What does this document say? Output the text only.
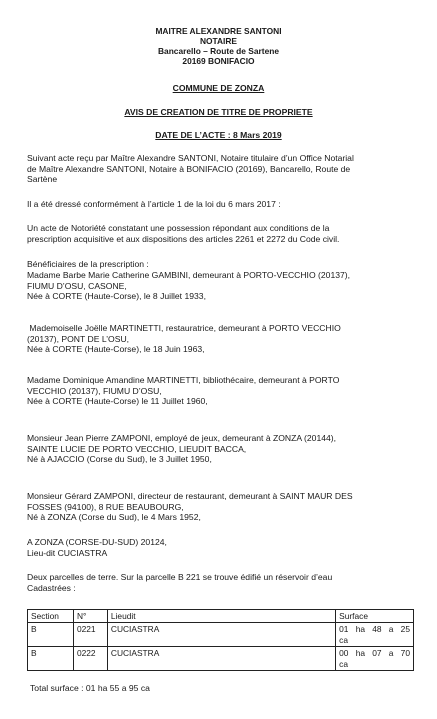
MAITRE ALEXANDRE SANTONI
NOTAIRE
Bancarello – Route de Sartene
20169 BONIFACIO
COMMUNE DE ZONZA
AVIS DE CREATION DE TITRE DE PROPRIETE
DATE DE L’ACTE : 8 Mars 2019
Suivant acte reçu par Maître Alexandre SANTONI, Notaire titulaire d’un Office Notarial
de Maître Alexandre SANTONI, Notaire à BONIFACIO (20169), Bancarello, Route de
Sartène
Il a été dressé conformément à l’article 1 de la loi du 6 mars 2017 :
Un acte de Notoriété constatant une possession répondant aux conditions de la
prescription acquisitive et aux dispositions des articles 2261 et 2272 du Code civil.
Bénéficiaires de la prescription :
Madame Barbe Marie Catherine GAMBINI, demeurant à PORTO-VECCHIO (20137),
FIUMU D’OSU, CASONE,
Née à CORTE (Haute-Corse), le 8 Juillet 1933,
Mademoiselle Joëlle MARTINETTI, restauratrice, demeurant à PORTO VECCHIO
(20137), PONT DE L’OSU,
Née à CORTE (Haute-Corse), le 18 Juin 1963,
Madame Dominique Amandine MARTINETTI, bibliothécaire, demeurant à PORTO
VECCHIO (20137), FIUMU D’OSU,
Née à CORTE (Haute-Corse) le 11 Juillet 1960,
Monsieur Jean Pierre ZAMPONI, employé de jeux, demeurant à ZONZA (20144),
SAINTE LUCIE DE PORTO VECCHIO, LIEUDIT BACCA,
Né à AJACCIO (Corse du Sud), le 3 Juillet 1950,
Monsieur Gérard ZAMPONI, directeur de restaurant, demeurant à SAINT MAUR DES
FOSSES (94100), 8 RUE BEAUBOURG,
Né à ZONZA (Corse du Sud), le 4 Mars 1952,
A ZONZA (CORSE-DU-SUD) 20124,
Lieu-dit CUCIASTRA
Deux parcelles de terre. Sur la parcelle B 221 se trouve édifié un réservoir d’eau
Cadastrées :
Section	N°	Lieudit	Surface
B	0221	CUCIASTRA	01 ha 48 a 25
ca

B	0222	CUCIASTRA	00 ha 07 a 70
ca
Total surface : 01 ha 55 a 95 ca
